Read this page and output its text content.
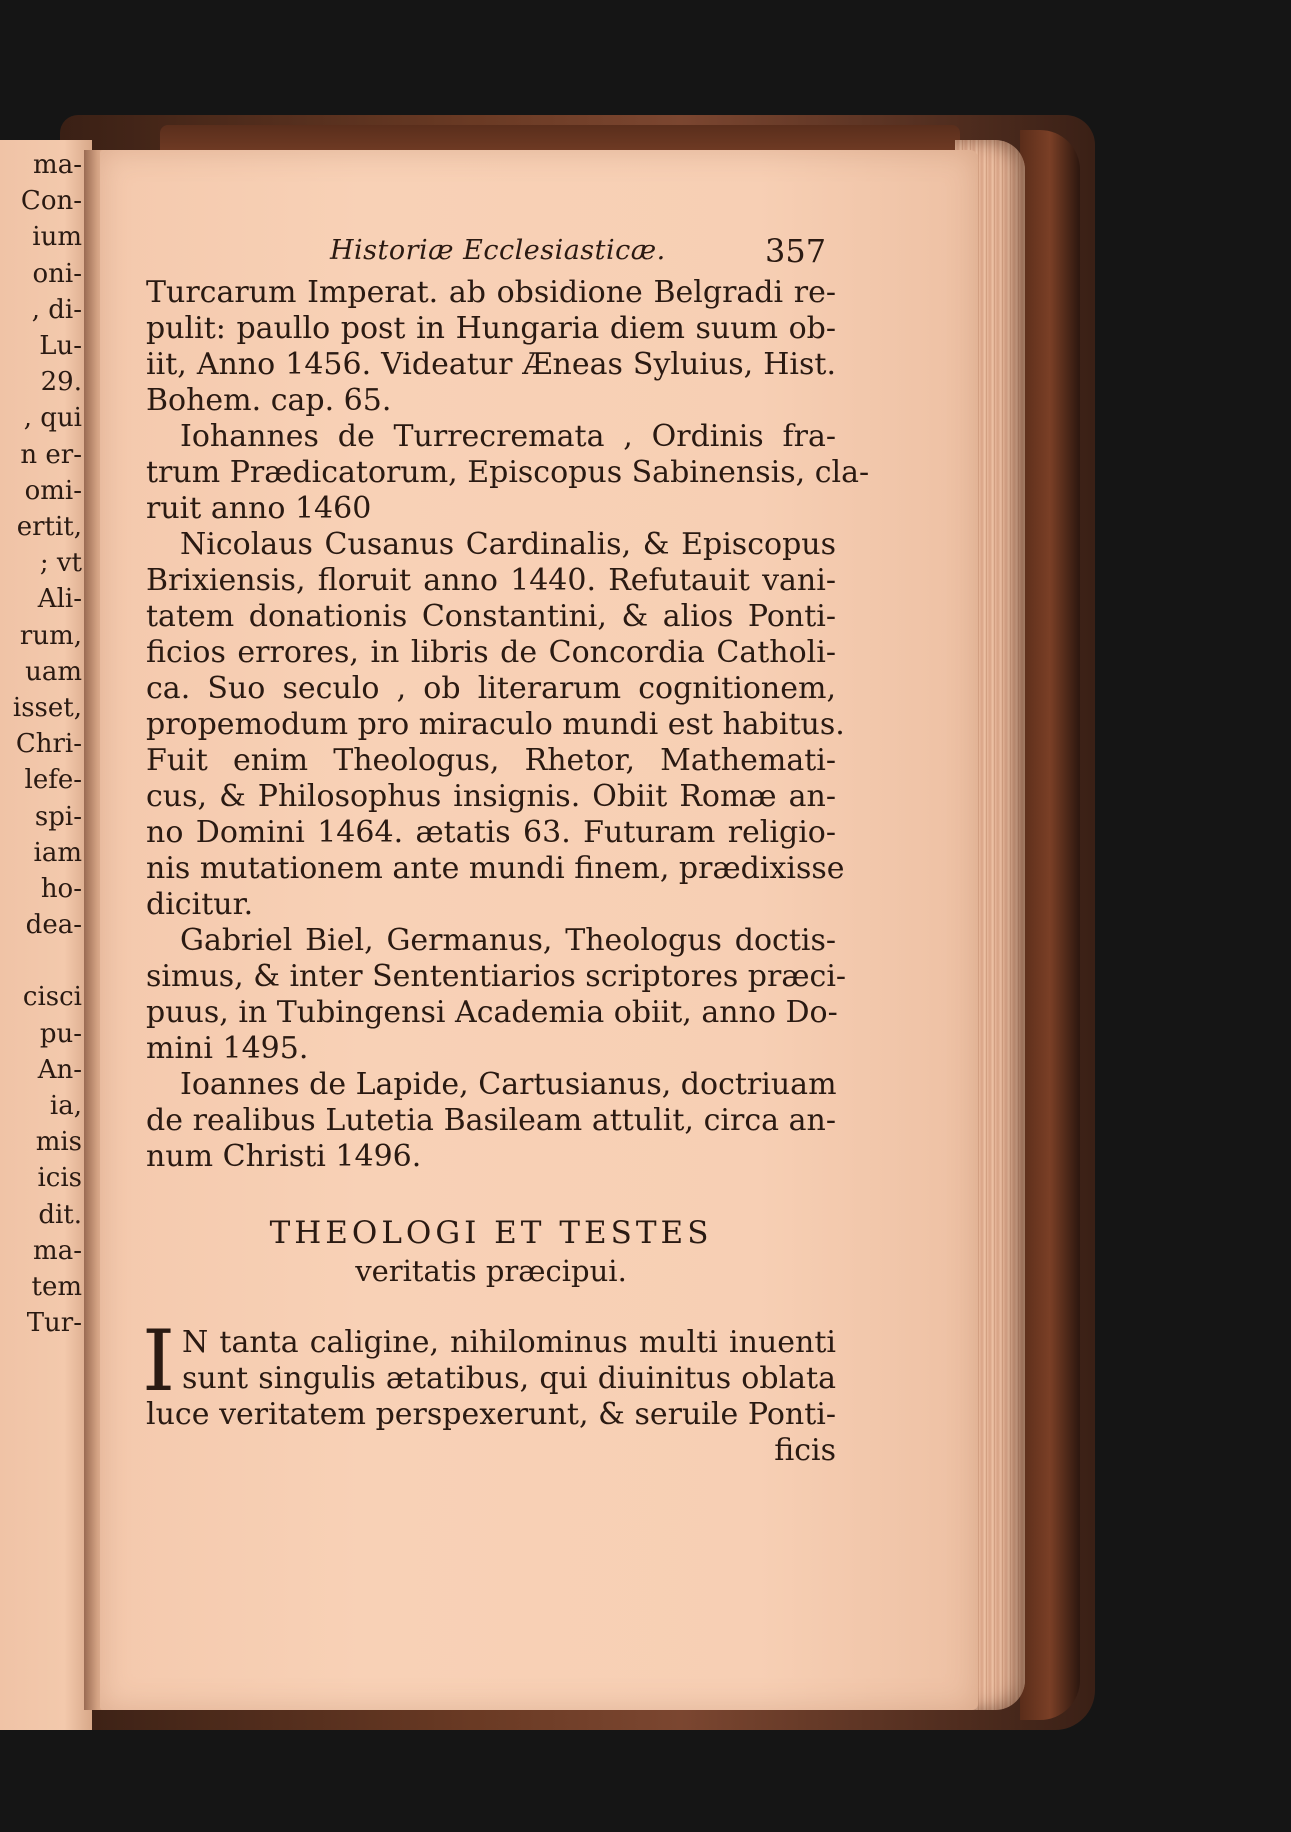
ma-
Con-
ium
oni-
, di-
Lu-
29.
, qui
n er-
omi-
ertit,
; vt
Ali-
rum,
uam
isset,
Chri-
lefe-
spi-
iam
ho-
dea-
cisci
pu-
An-
ia,
mis
icis
dit.
ma-
tem
Tur-
Historiæ Ecclesiasticæ.	357
Turcarum Imperat. ab obsidione Belgradi re-
pulit: paullo post in Hungaria diem suum ob-
iit, Anno 1456. Videatur Æneas Syluius, Hist.
Bohem. cap. 65.
Iohannes de Turrecremata , Ordinis fra-
trum Prædicatorum, Episcopus Sabinensis, cla-
ruit anno 1460
Nicolaus Cusanus Cardinalis, & Episcopus
Brixiensis, floruit anno 1440. Refutauit vani-
tatem donationis Constantini, & alios Ponti-
ficios errores, in libris de Concordia Catholi-
ca. Suo seculo , ob literarum cognitionem,
propemodum pro miraculo mundi est habitus.
Fuit enim Theologus, Rhetor, Mathemati-
cus, & Philosophus insignis. Obiit Romæ an-
no Domini 1464. ætatis 63. Futuram religio-
nis mutationem ante mundi finem, prædixisse
dicitur.
Gabriel Biel, Germanus, Theologus doctis-
simus, & inter Sententiarios scriptores præci-
puus, in Tubingensi Academia obiit, anno Do-
mini 1495.
Ioannes de Lapide, Cartusianus, doctriuam
de realibus Lutetia Basileam attulit, circa an-
num Christi 1496.
THEOLOGI ET TESTES
veritatis præcipui.
I N tanta caligine, nihilominus multi inuenti
sunt singulis ætatibus, qui diuinitus oblata
luce veritatem perspexerunt, & seruile Ponti-
ficis
